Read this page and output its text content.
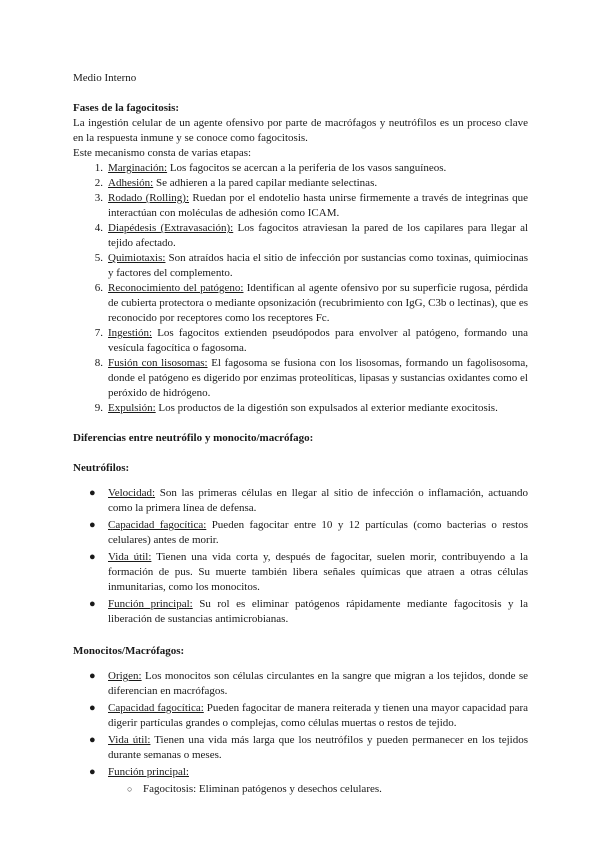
Medio Interno

Fases de la fagocitosis:

La ingestión celular de un agente ofensivo por parte de macrófagos y neutrófilos es un proceso clave en la respuesta inmune y se conoce como fagocitosis.

Este mecanismo consta de varias etapas:

1. Marginación: Los fagocitos se acercan a la periferia de los vasos sanguíneos.
2. Adhesión: Se adhieren a la pared capilar mediante selectinas.
3. Rodado (Rolling): Ruedan por el endotelio hasta unirse firmemente a través de integrinas que interactúan con moléculas de adhesión como ICAM.
4. Diapédesis (Extravasación): Los fagocitos atraviesan la pared de los capilares para llegar al tejido afectado.
5. Quimiotaxis: Son atraídos hacia el sitio de infección por sustancias como toxinas, quimiocinas y factores del complemento.
6. Reconocimiento del patógeno: Identifican al agente ofensivo por su superficie rugosa, pérdida de cubierta protectora o mediante opsonización (recubrimiento con IgG, C3b o lectinas), que es reconocido por receptores como los receptores Fc.
7. Ingestión: Los fagocitos extienden pseudópodos para envolver al patógeno, formando una vesícula fagocítica o fagosoma.
8. Fusión con lisosomas: El fagosoma se fusiona con los lisosomas, formando un fagolisosoma, donde el patógeno es digerido por enzimas proteolíticas, lipasas y sustancias oxidantes como el peróxido de hidrógeno.
9. Expulsión: Los productos de la digestión son expulsados al exterior mediante exocitosis.

Diferencias entre neutrófilo y monocito/macrófago:

Neutrófilos:

● Velocidad: Son las primeras células en llegar al sitio de infección o inflamación, actuando como la primera línea de defensa.
● Capacidad fagocítica: Pueden fagocitar entre 10 y 12 partículas (como bacterias o restos celulares) antes de morir.
● Vida útil: Tienen una vida corta y, después de fagocitar, suelen morir, contribuyendo a la formación de pus. Su muerte también libera señales químicas que atraen a otras células inmunitarias, como los monocitos.
● Función principal: Su rol es eliminar patógenos rápidamente mediante fagocitosis y la liberación de sustancias antimicrobianas.

Monocitos/Macrófagos:

● Origen: Los monocitos son células circulantes en la sangre que migran a los tejidos, donde se diferencian en macrófagos.
● Capacidad fagocítica: Pueden fagocitar de manera reiterada y tienen una mayor capacidad para digerir partículas grandes o complejas, como células muertas o restos de tejido.
● Vida útil: Tienen una vida más larga que los neutrófilos y pueden permanecer en los tejidos durante semanas o meses.
● Función principal:
○ Fagocitosis: Eliminan patógenos y desechos celulares.
